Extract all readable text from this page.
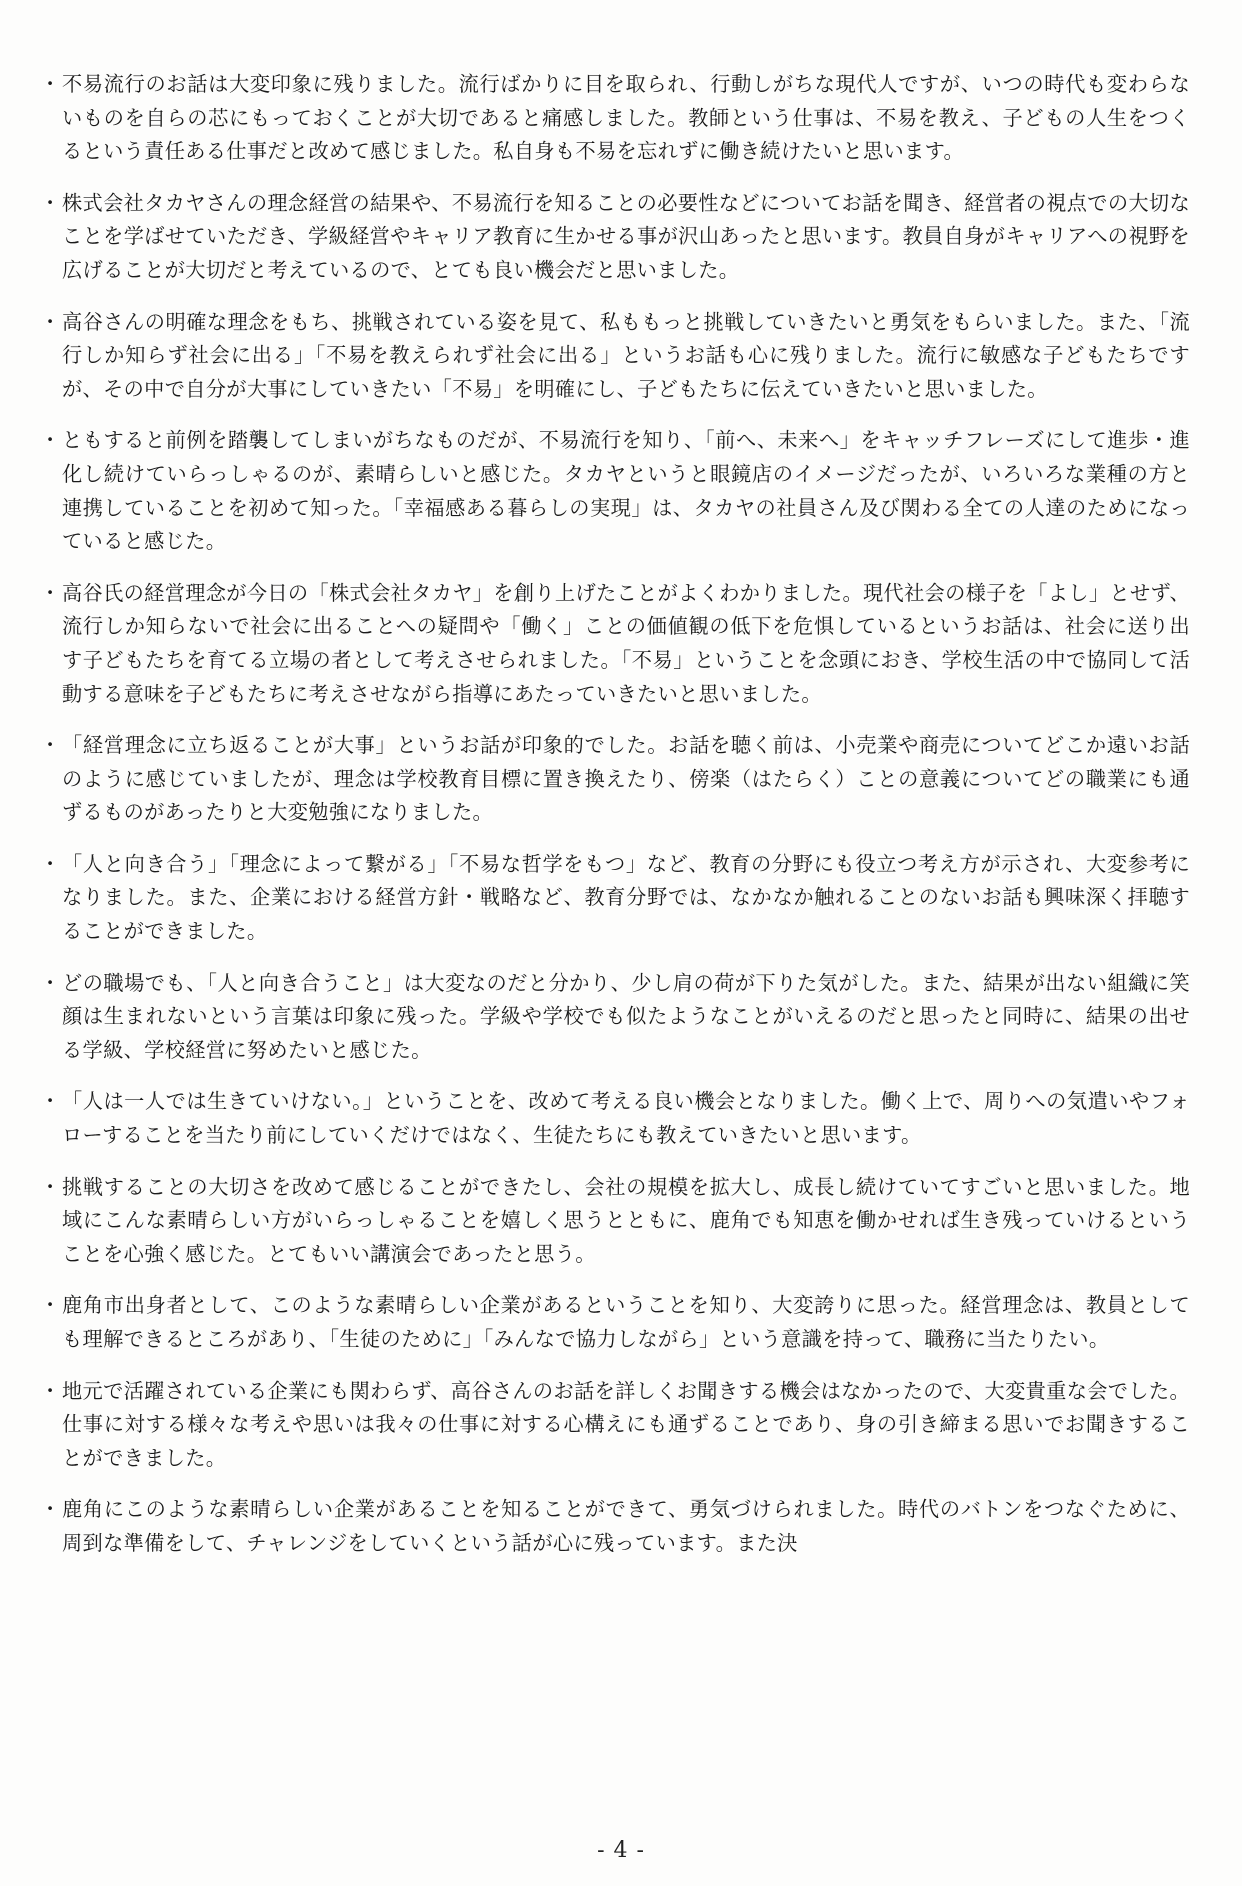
・ 不易流行のお話は大変印象に残りました。流行ばかりに目を取られ、行動しがちな現代人ですが、いつの時代も変わらないものを自らの芯にもっておくことが大切であると痛感しました。教師という仕事は、不易を教え、子どもの人生をつくるという責任ある仕事だと改めて感じました。私自身も不易を忘れずに働き続けたいと思います。
・ 株式会社タカヤさんの理念経営の結果や、不易流行を知ることの必要性などについてお話を聞き、経営者の視点での大切なことを学ばせていただき、学級経営やキャリア教育に生かせる事が沢山あったと思います。教員自身がキャリアへの視野を広げることが大切だと考えているので、とても良い機会だと思いました。
・ 高谷さんの明確な理念をもち、挑戦されている姿を見て、私ももっと挑戦していきたいと勇気をもらいました。また、「流行しか知らず社会に出る」「不易を教えられず社会に出る」というお話も心に残りました。流行に敏感な子どもたちですが、その中で自分が大事にしていきたい「不易」を明確にし、子どもたちに伝えていきたいと思いました。
・ ともすると前例を踏襲してしまいがちなものだが、不易流行を知り、「前へ、未来へ」をキャッチフレーズにして進歩・進化し続けていらっしゃるのが、素晴らしいと感じた。タカヤというと眼鏡店のイメージだったが、いろいろな業種の方と連携していることを初めて知った。「幸福感ある暮らしの実現」は、タカヤの社員さん及び関わる全ての人達のためになっていると感じた。
・ 高谷氏の経営理念が今日の「株式会社タカヤ」を創り上げたことがよくわかりました。現代社会の様子を「よし」とせず、流行しか知らないで社会に出ることへの疑問や「働く」ことの価値観の低下を危惧しているというお話は、社会に送り出す子どもたちを育てる立場の者として考えさせられました。「不易」ということを念頭におき、学校生活の中で協同して活動する意味を子どもたちに考えさせながら指導にあたっていきたいと思いました。
・ 「経営理念に立ち返ることが大事」というお話が印象的でした。お話を聴く前は、小売業や商売についてどこか遠いお話のように感じていましたが、理念は学校教育目標に置き換えたり、傍楽（はたらく）ことの意義についてどの職業にも通ずるものがあったりと大変勉強になりました。
・ 「人と向き合う」「理念によって繋がる」「不易な哲学をもつ」など、教育の分野にも役立つ考え方が示され、大変参考になりました。また、企業における経営方針・戦略など、教育分野では、なかなか触れることのないお話も興味深く拝聴することができました。
・ どの職場でも、「人と向き合うこと」は大変なのだと分かり、少し肩の荷が下りた気がした。また、結果が出ない組織に笑顔は生まれないという言葉は印象に残った。学級や学校でも似たようなことがいえるのだと思ったと同時に、結果の出せる学級、学校経営に努めたいと感じた。
・ 「人は一人では生きていけない。」ということを、改めて考える良い機会となりました。働く上で、周りへの気遣いやフォローすることを当たり前にしていくだけではなく、生徒たちにも教えていきたいと思います。
・ 挑戦することの大切さを改めて感じることができたし、会社の規模を拡大し、成長し続けていてすごいと思いました。地域にこんな素晴らしい方がいらっしゃることを嬉しく思うとともに、鹿角でも知恵を働かせれば生き残っていけるということを心強く感じた。とてもいい講演会であったと思う。
・ 鹿角市出身者として、このような素晴らしい企業があるということを知り、大変誇りに思った。経営理念は、教員としても理解できるところがあり、「生徒のために」「みんなで協力しながら」という意識を持って、職務に当たりたい。
・ 地元で活躍されている企業にも関わらず、高谷さんのお話を詳しくお聞きする機会はなかったので、大変貴重な会でした。仕事に対する様々な考えや思いは我々の仕事に対する心構えにも通ずることであり、身の引き締まる思いでお聞きすることができました。
・ 鹿角にこのような素晴らしい企業があることを知ることができて、勇気づけられました。時代のバトンをつなぐために、周到な準備をして、チャレンジをしていくという話が心に残っています。また決
- 4 -
